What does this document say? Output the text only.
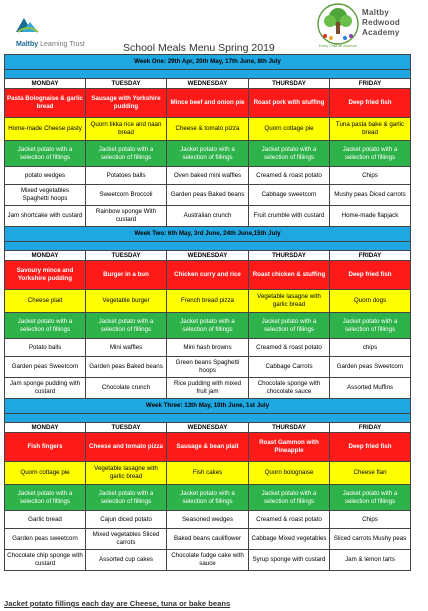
Maltby Learning Trust	School Meals Menu Spring 2019	Every Child an Achiever
Maltby
Redwood
Academy
Week One: 29th Apr, 20th May, 17th June, 8th July				

MONDAY	TUESDAY	WEDNESDAY	THURSDAY	FRIDAY
Pasta Bolognaise & garlic bread	Sausage with Yorkshire pudding	Mince beef and onion pie	Roast pork with stuffing	Deep fried fish
Home-made Cheese pasty	Quorn tikka rice and naan bread	Cheese & tomato pizza	Quorn cottage pie	Tuna pasta bake & garlic bread
Jacket potato with a selection of fillings	Jacket potato with a selection of fillings	Jacket potato with a selection of fillings	Jacket potato with a selection of fillings	Jacket potato with a selection of fillings
potato wedges	Potatoes balls	Oven baked mini waffles	Creamed & roast potato	Chips
Mixed vegetables Spaghetti hoops	Sweetcorn Broccoli	Garden peas Baked beans	Cabbage sweetcorn	Mushy peas Diced carrots
Jam shortcake with custard	Rainbow sponge With custard	Australian crunch	Fruit crumble with custard	Home-made flapjack
Week Two: 6th May, 3rd June, 24th June,15th July				

MONDAY	TUESDAY	WEDNESDAY	THURSDAY	FRIDAY
Savoury mince and Yorkshire pudding	Burger in a bun	Chicken curry and rice	Roast chicken & stuffing	Deep fried fish
Cheese plait	Vegetable burger	French bread pizza	Vegetable lasagne with garlic bread	Quorn dogs
Jacket potato with a selection of fillings	Jacket potato with a selection of fillings	Jacket potato with a selection of fillings	Jacket potato with a selection of fillings	Jacket potato with a selection of fillings
Potato balls	Mini waffles	Mini hash browns	Creamed & roast potato	chips
Garden peas Sweetcorn	Garden peas Baked beans	Green beans Spaghetti hoops	Cabbage Carrots	Garden peas Sweetcorn
Jam sponge pudding with custard	Chocolate crunch	Rice pudding with mixed fruit jam	Chocolate sponge with chocolate sauce	Assorted Muffins
Week Three: 13th May, 10th June, 1st July				

MONDAY	TUESDAY	WEDNESDAY	THURSDAY	FRIDAY
Fish fingers	Cheese and tomato pizza	Sausage & bean plait	Roast Gammon with Pineapple	Deep fried fish
Quorn cottage pie	Vegetable lasagne with garlic bread	Fish cakes	Quorn bolognaise	Cheese flan
Jacket potato with a selection of fillings	Jacket potato with a selection of fillings	Jacket potato with a selection of fillings	Jacket potato with a selection of fillings	Jacket potato with a selection of fillings
Garlic bread	Cajun diced potato	Seasoned wedges	Creamed & roast potato	Chips
Garden peas sweetcorn	Mixed vegetables Sliced carrots	Baked beans cauliflower	Cabbage Mixed vegetables	Sliced carrots Mushy peas
Chocolate chip sponge with custard	Assorted cup cakes	Chocolate fudge cake with sauce	Syrup sponge with custard	Jam & lemon tarts
Jacket potato fillings each day are Cheese, tuna or bake beans
